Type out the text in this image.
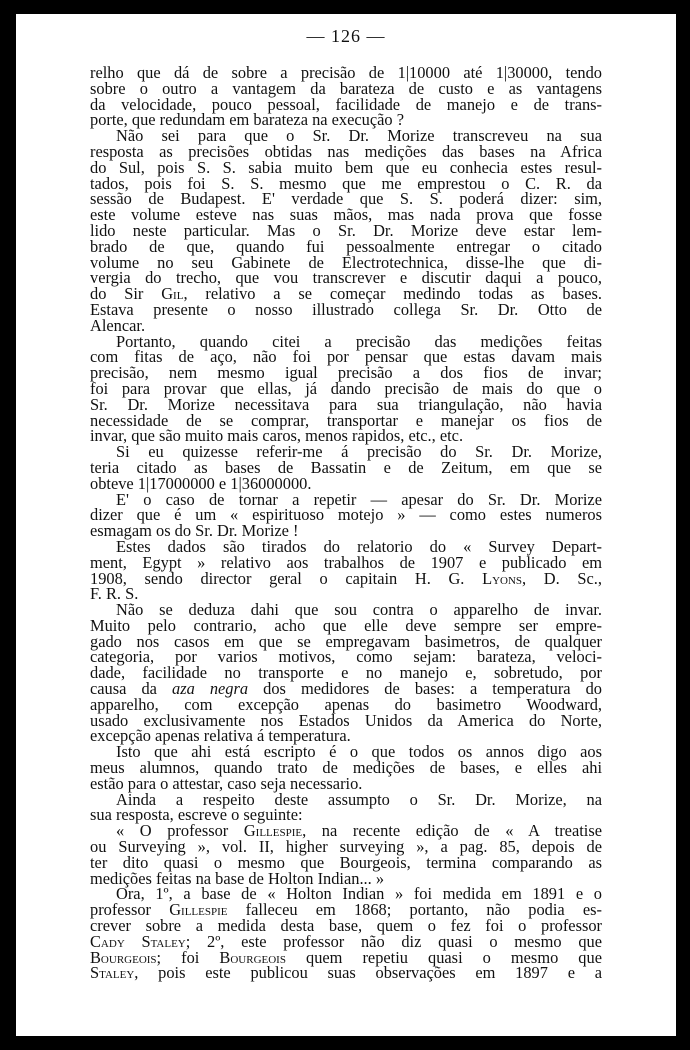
— 126 —
relho que dá de sobre a precisão de 1|10000 até 1|30000, tendo
sobre o outro a vantagem da barateza de custo e as vantagens
da velocidade, pouco pessoal, facilidade de manejo e de trans-
porte, que redundam em barateza na execução ?
Não sei para que o Sr. Dr. Morize transcreveu na sua
resposta as precisões obtidas nas medições das bases na Africa
do Sul, pois S. S. sabia muito bem que eu conhecia estes resul-
tados, pois foi S. S. mesmo que me emprestou o C. R. da
sessão de Budapest. E' verdade que S. S. poderá dizer: sim,
este volume esteve nas suas mãos, mas nada prova que fosse
lido neste particular. Mas o Sr. Dr. Morize deve estar lem-
brado de que, quando fui pessoalmente entregar o citado
volume no seu Gabinete de Electrotechnica, disse-lhe que di-
vergia do trecho, que vou transcrever e discutir daqui a pouco,
do Sir Gil, relativo a se começar medindo todas as bases.
Estava presente o nosso illustrado collega Sr. Dr. Otto de
Alencar.
Portanto, quando citei a precisão das medições feitas
com fitas de aço, não foi por pensar que estas davam mais
precisão, nem mesmo igual precisão a dos fios de invar;
foi para provar que ellas, já dando precisão de mais do que o
Sr. Dr. Morize necessitava para sua triangulação, não havia
necessidade de se comprar, transportar e manejar os fios de
invar, que são muito mais caros, menos rapidos, etc., etc.
Si eu quizesse referir-me á precisão do Sr. Dr. Morize,
teria citado as bases de Bassatin e de Zeitum, em que se
obteve 1|17000000 e 1|36000000.
E' o caso de tornar a repetir — apesar do Sr. Dr. Morize
dizer que é um « espirituoso motejo » — como estes numeros
esmagam os do Sr. Dr. Morize !
Estes dados são tirados do relatorio do « Survey Depart-
ment, Egypt » relativo aos trabalhos de 1907 e publicado em
1908, sendo director geral o capitain H. G. Lyons, D. Sc.,
F. R. S.
Não se deduza dahi que sou contra o apparelho de invar.
Muito pelo contrario, acho que elle deve sempre ser empre-
gado nos casos em que se empregavam basimetros, de qualquer
categoria, por varios motivos, como sejam: barateza, veloci-
dade, facilidade no transporte e no manejo e, sobretudo, por
causa da aza negra dos medidores de bases: a temperatura do
apparelho, com excepção apenas do basimetro Woodward,
usado exclusivamente nos Estados Unidos da America do Norte,
excepção apenas relativa á temperatura.
Isto que ahi está escripto é o que todos os annos digo aos
meus alumnos, quando trato de medições de bases, e elles ahi
estão para o attestar, caso seja necessario.
Ainda a respeito deste assumpto o Sr. Dr. Morize, na
sua resposta, escreve o seguinte:
« O professor Gillespie, na recente edição de « A treatise
ou Surveying », vol. II, higher surveying », a pag. 85, depois de
ter dito quasi o mesmo que Bourgeois, termina comparando as
medições feitas na base de Holton Indian... »
Ora, 1º, a base de « Holton Indian » foi medida em 1891 e o
professor Gillespie falleceu em 1868; portanto, não podia es-
crever sobre a medida desta base, quem o fez foi o professor
Cady Staley; 2º, este professor não diz quasi o mesmo que
Bourgeois; foi Bourgeois quem repetiu quasi o mesmo que
Staley, pois este publicou suas observações em 1897 e a
